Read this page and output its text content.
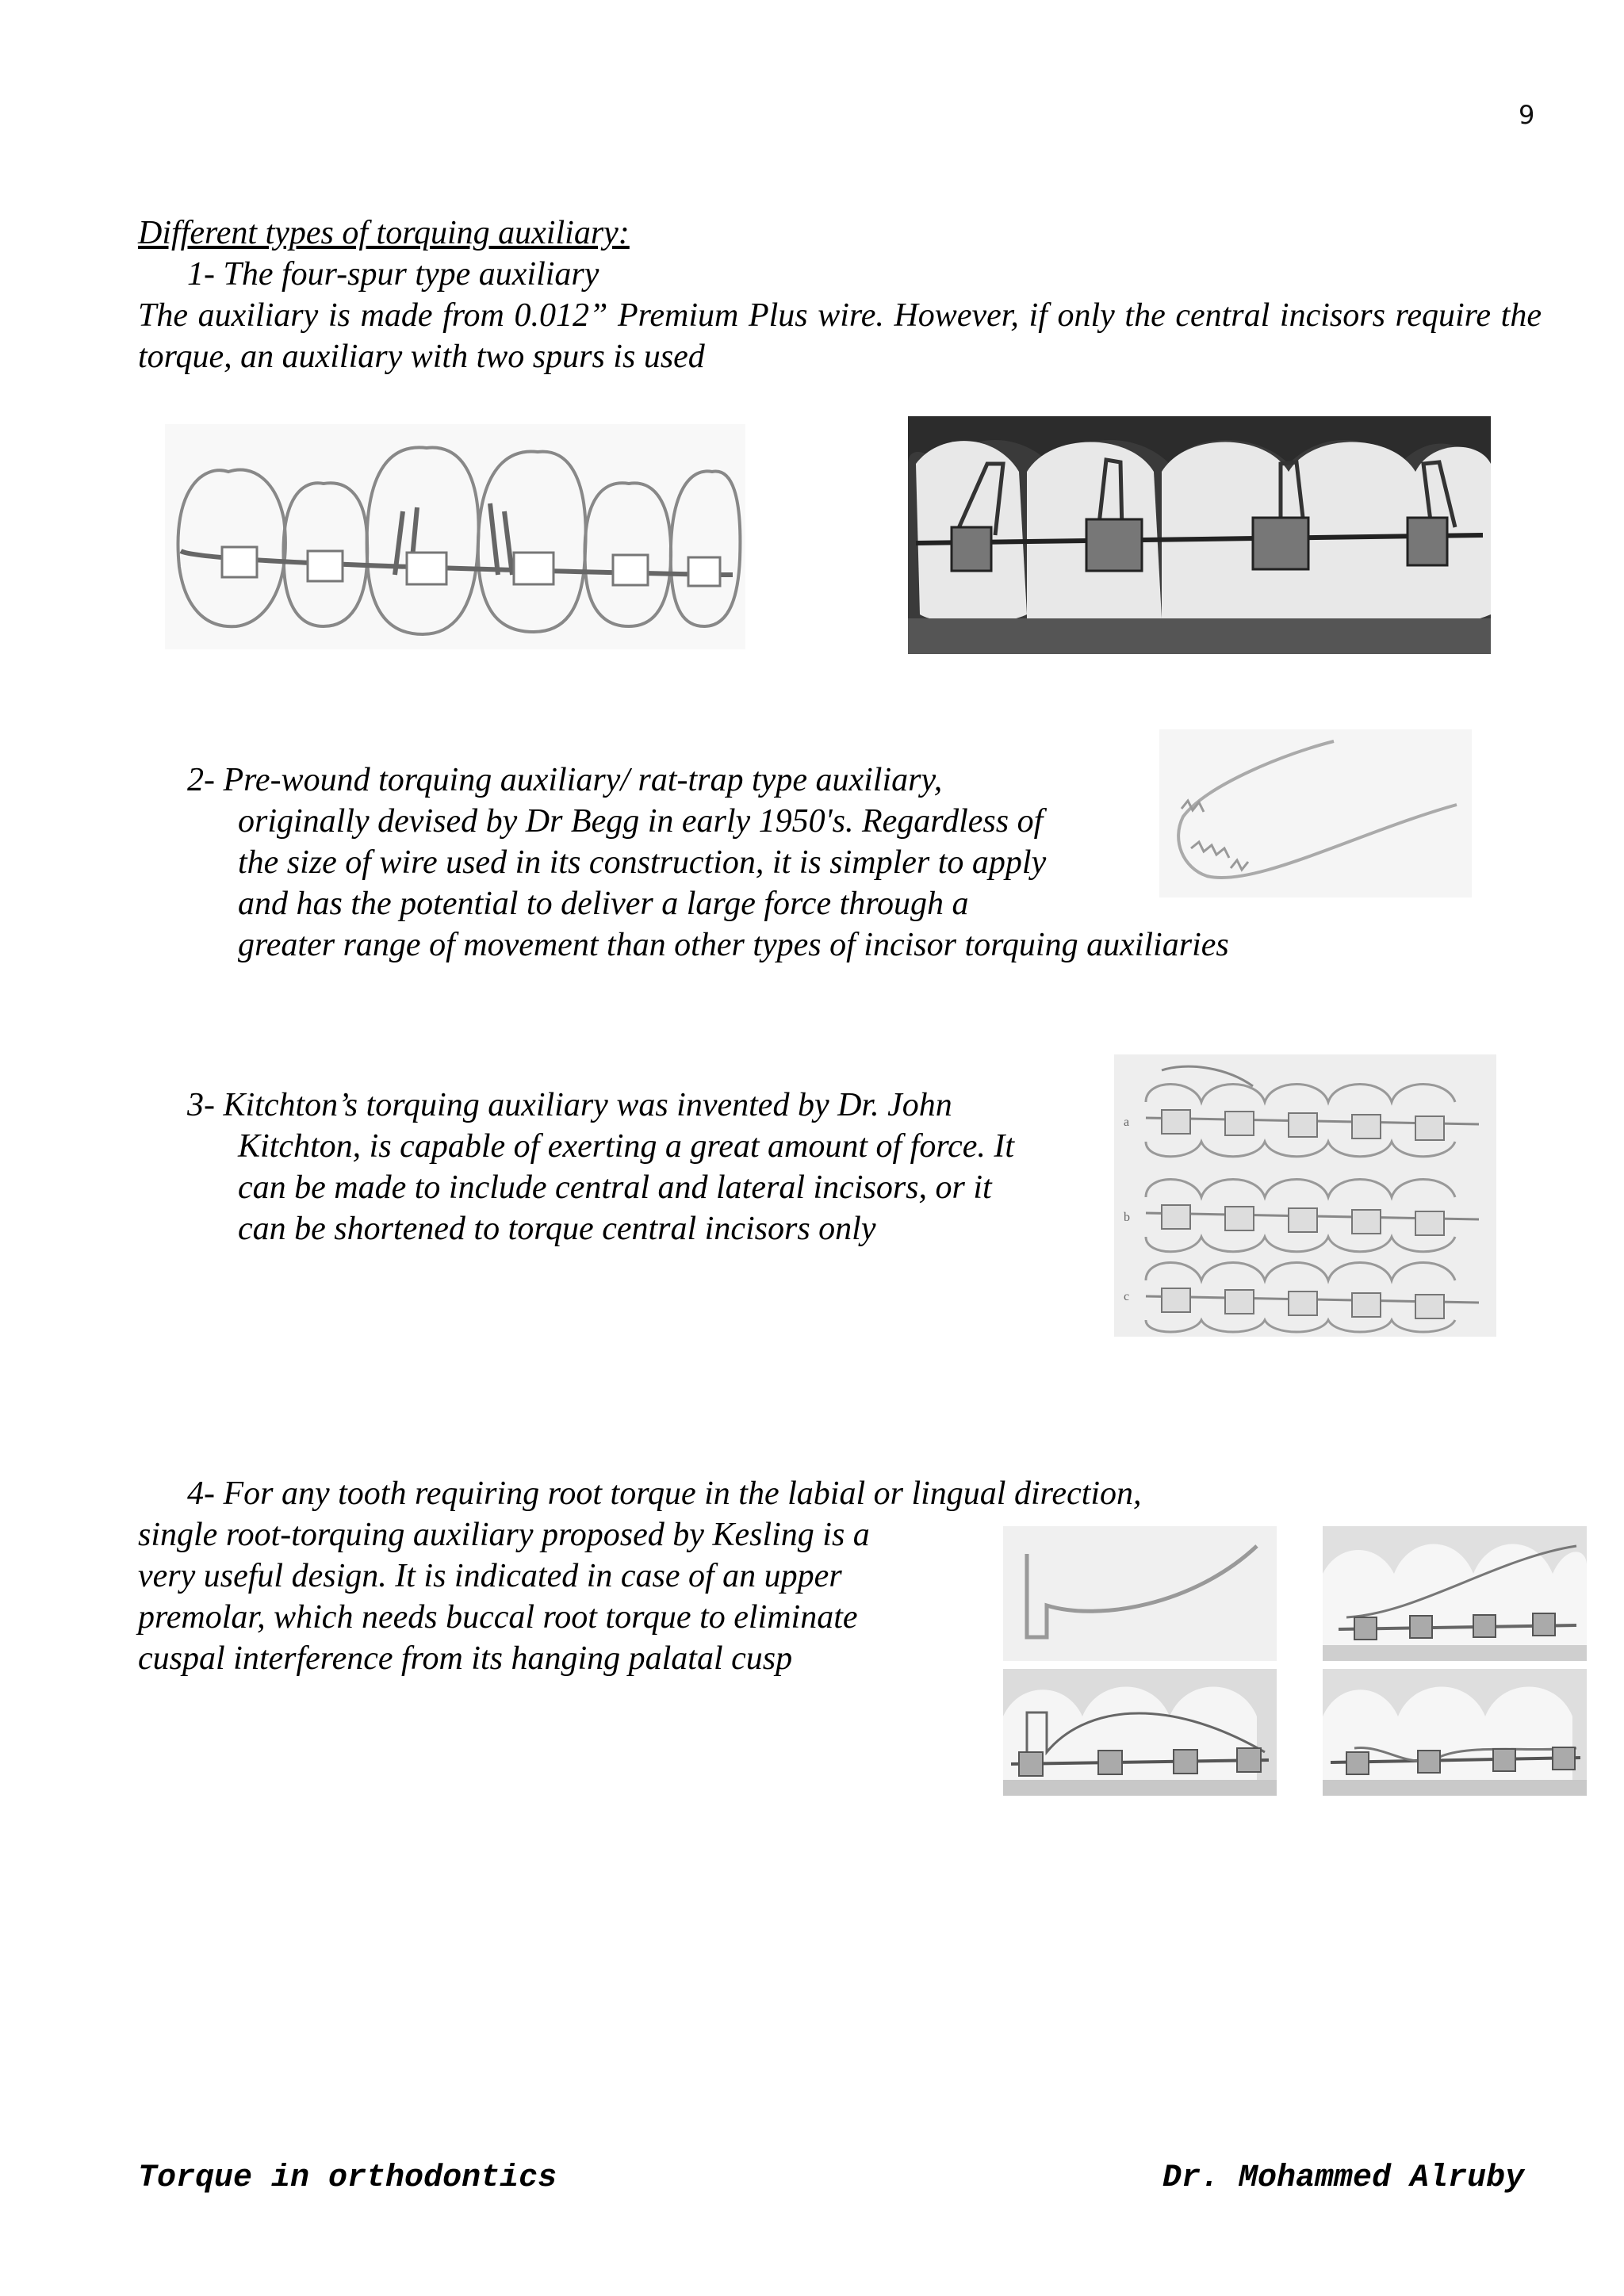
9

Different types of torquing auxiliary:

1- The four-spur type auxiliary

The auxiliary is made from 0.012” Premium Plus wire. However, if only the central incisors require the torque, an auxiliary with two spurs is used

2- Pre-wound torquing auxiliary/ rat-trap type auxiliary,

originally devised by Dr Begg in early 1950's. Regardless of

the size of wire used in its construction, it is simpler to apply

and has the potential to deliver a large force through a

greater range of movement than other types of incisor torquing auxiliaries

3- Kitchton’s torquing auxiliary was invented by Dr. John

Kitchton, is capable of exerting a great amount of force. It

can be made to include central and lateral incisors, or it

can be shortened to torque central incisors only

a
b
c

4- For any tooth requiring root torque in the labial or lingual direction,

single root-torquing auxiliary proposed by Kesling is a

very useful design. It is indicated in case of an upper

premolar, which needs buccal root torque to eliminate

cuspal interference from its hanging palatal cusp

Torque in orthodontics	Dr. Mohammed Alruby
